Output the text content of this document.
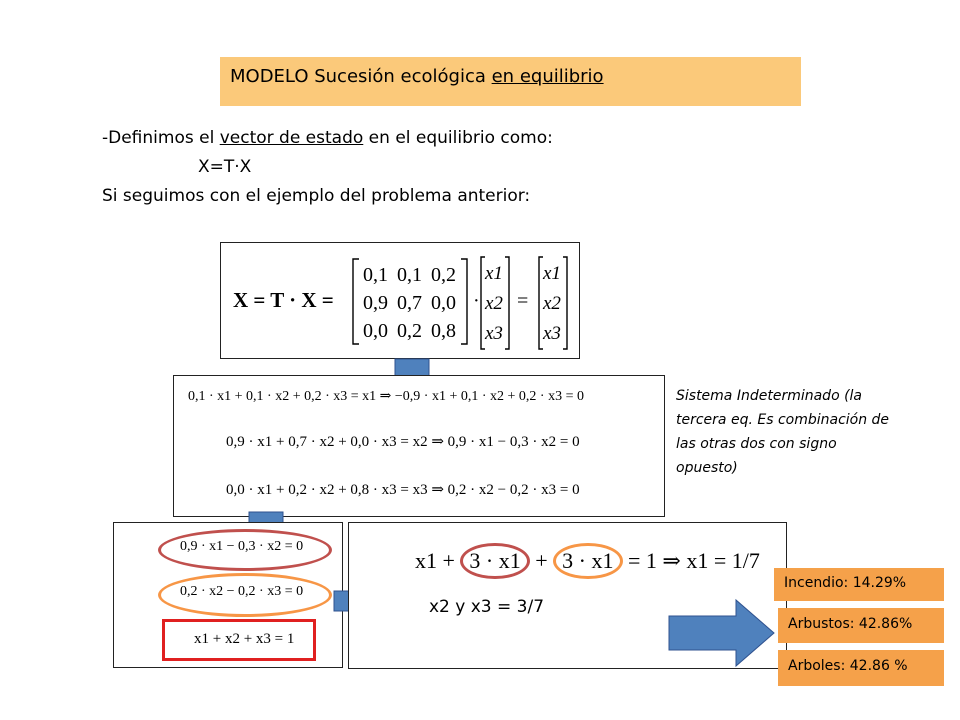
MODELO Sucesión ecológica en equilibrio
-Definimos el vector de estado en el equilibrio como:
X=T·X
Si seguimos con el ejemplo del problema anterior:
X = T · X =
0,1 0,1 0,2
0,9 0,7 0,0
0,0 0,2 0,8
·
x1
x2
x3
=
x1
x2
x3
0,1 · x1 + 0,1 · x2 + 0,2 · x3 = x1 ⇒ −0,9 · x1 + 0,1 · x2 + 0,2 · x3 = 0
0,9 · x1 + 0,7 · x2 + 0,0 · x3 = x2 ⇒ 0,9 · x1 − 0,3 · x2 = 0
0,0 · x1 + 0,2 · x2 + 0,8 · x3 = x3 ⇒ 0,2 · x2 − 0,2 · x3 = 0
Sistema Indeterminado (la tercera eq. Es combinación de las otras dos con signo opuesto)
0,9 · x1 − 0,3 · x2 = 0
0,2 · x2 − 0,2 · x3 = 0
x1 + x2 + x3 = 1
x1 + 3 · x1 + 3 · x1 = 1 ⇒ x1 = 1/7
x2 y x3 = 3/7
Incendio: 14.29%
Arbustos: 42.86%
Arboles: 42.86 %
